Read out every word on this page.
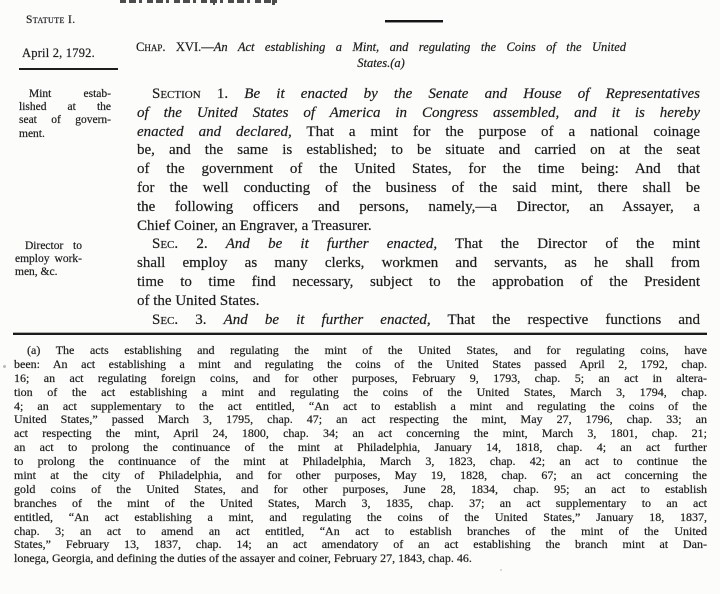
Statute I.
April 2, 1792.	Chap. XVI.—An Act establishing a Mint, and regulating the Coins of the United
States.(a)
Mint estab-
lished at the
seat of govern-
ment.
Director to
employ work-
men, &c.
Section 1. Be it enacted by the Senate and House of Representatives
of the United States of America in Congress assembled, and it is hereby
enacted and declared, That a mint for the purpose of a national coinage
be, and the same is established; to be situate and carried on at the seat
of the government of the United States, for the time being: And that
for the well conducting of the business of the said mint, there shall be
the following officers and persons, namely,—a Director, an Assayer, a
Chief Coiner, an Engraver, a Treasurer.
Sec. 2. And be it further enacted, That the Director of the mint
shall employ as many clerks, workmen and servants, as he shall from
time to time find necessary, subject to the approbation of the President
of the United States.
Sec. 3. And be it further enacted, That the respective functions and
(a) The acts establishing and regulating the mint of the United States, and for regulating coins, have
been: An act establishing a mint and regulating the coins of the United States passed April 2, 1792, chap.
16; an act regulating foreign coins, and for other purposes, February 9, 1793, chap. 5; an act in altera-
tion of the act establishing a mint and regulating the coins of the United States, March 3, 1794, chap.
4; an act supplementary to the act entitled, “An act to establish a mint and regulating the coins of the
United States,” passed March 3, 1795, chap. 47; an act respecting the mint, May 27, 1796, chap. 33; an
act respecting the mint, April 24, 1800, chap. 34; an act concerning the mint, March 3, 1801, chap. 21;
an act to prolong the continuance of the mint at Philadelphia, January 14, 1818, chap. 4; an act further
to prolong the continuance of the mint at Philadelphia, March 3, 1823, chap. 42; an act to continue the
mint at the city of Philadelphia, and for other purposes, May 19, 1828, chap. 67; an act concerning the
gold coins of the United States, and for other purposes, June 28, 1834, chap. 95; an act to establish
branches of the mint of the United States, March 3, 1835, chap. 37; an act supplementary to an act
entitled, “An act establishing a mint, and regulating the coins of the United States,” January 18, 1837,
chap. 3; an act to amend an act entitled, “An act to establish branches of the mint of the United
States,” February 13, 1837, chap. 14; an act amendatory of an act establishing the branch mint at Dan-
lonega, Georgia, and defining the duties of the assayer and coiner, February 27, 1843, chap. 46.
